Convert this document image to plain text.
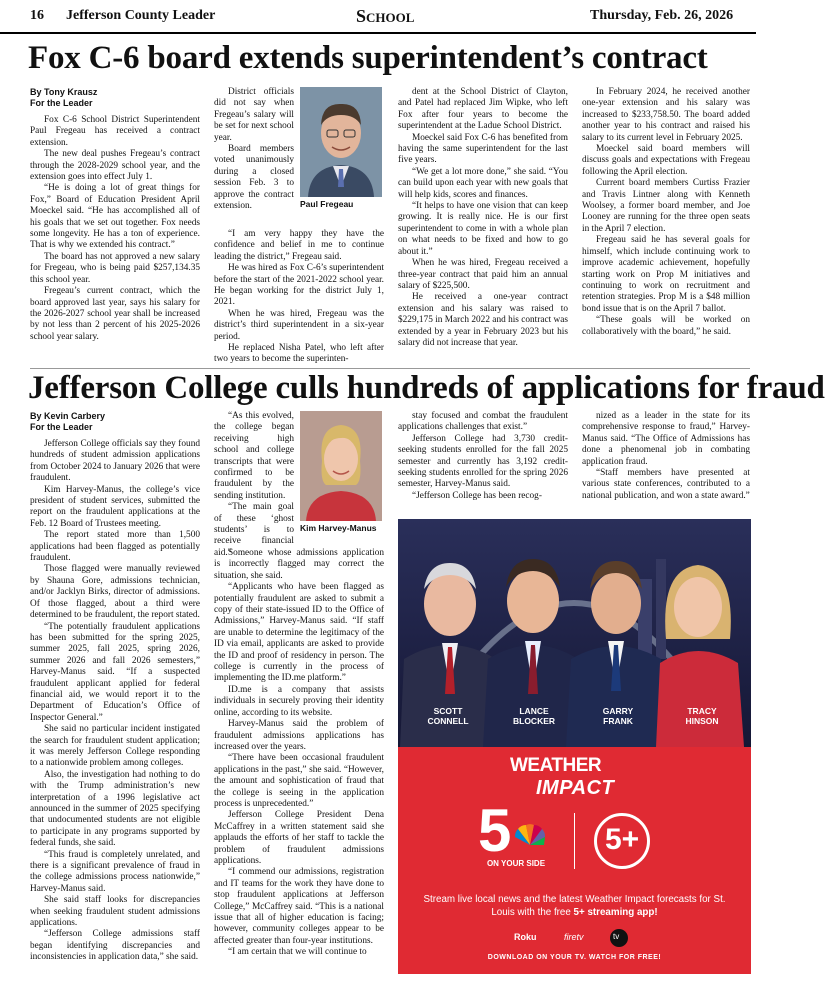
16 Jefferson County Leader	School	Thursday, Feb. 26, 2026
Fox C-6 board extends superintendent’s contract

By Tony Krausz

For the Leader

Fox C-6 School District Superintendent Paul Fregeau has received a contract extension.

The new deal pushes Fregeau’s contract through the 2028-2029 school year, and the extension goes into effect July 1.

“He is doing a lot of great things for Fox,” Board of Education President April Moeckel said. “He has accomplished all of his goals that we set out together. Fox needs some longevity. He has a ton of experience. That is why we extended his contract.”

The board has not approved a new salary for Fregeau, who is being paid $257,134.35 this school year.

Fregeau’s current contract, which the board approved last year, says his salary for the 2026-2027 school year shall be increased by not less than 2 percent of his 2025-2026 school year salary.

District officials did not say when Fregeau’s salary will be set for next school year.

Board members voted unanimously during a closed session Feb. 3 to approve the contract extension.	Paul Fregeau

“I am very happy they have the confidence and belief in me to continue leading the district,” Fregeau said.

He was hired as Fox C-6’s superintendent before the start of the 2021-2022 school year. He began working for the district July 1, 2021.

When he was hired, Fregeau was the district’s third superintendent in a six-year period.

He replaced Nisha Patel, who left after two years to become the superinten-

dent at the School District of Clayton, and Patel had replaced Jim Wipke, who left Fox after four years to become the superintendent at the Ladue School District.

Moeckel said Fox C-6 has benefited from having the same superintendent for the last five years.

“We get a lot more done,” she said. “You can build upon each year with new goals that will help kids, scores and finances.

“It helps to have one vision that can keep growing. It is really nice. He is our first superintendent to come in with a whole plan on what needs to be fixed and how to go about it.”

When he was hired, Fregeau received a three-year contract that paid him an annual salary of $225,500.

He received a one-year contract extension and his salary was raised to $229,175 in March 2022 and his contract was extended by a year in February 2023 but his salary did not increase that year.

In February 2024, he received another one-year extension and his salary was increased to $233,758.50. The board added another year to his contract and raised his salary to its current level in February 2025.

Moeckel said board members will discuss goals and expectations with Fregeau following the April election.

Current board members Curtiss Frazier and Travis Lintner along with Kenneth Woolsey, a former board member, and Joe Looney are running for the three open seats in the April 7 election.

Fregeau said he has several goals for himself, which include continuing work to improve academic achievement, hopefully starting work on Prop M initiatives and continuing to work on recruitment and retention strategies. Prop M is a $48 million bond issue that is on the April 7 ballot.

“These goals will be worked on collaboratively with the board,” he said.

Jefferson College culls hundreds of applications for fraud

By Kevin Carbery

For the Leader

Jefferson College officials say they found hundreds of student admission applications from October 2024 to January 2026 that were fraudulent.

Kim Harvey-Manus, the college’s vice president of student services, submitted the report on the fraudulent applications at the Feb. 12 Board of Trustees meeting.

The report stated more than 1,500 applications had been flagged as potentially fraudulent.

Those flagged were manually reviewed by Shauna Gore, admissions technician, and/or Jacklyn Birks, director of admissions. Of those flagged, about a third were determined to be fraudulent, the report stated.

“The potentially fraudulent applications has been submitted for the spring 2025, summer 2025, fall 2025, spring 2026, summer 2026 and fall 2026 semesters,” Harvey-Manus said. “If a suspected fraudulent applicant applied for federal financial aid, we would report it to the Department of Education’s Office of Inspector General.”

She said no particular incident instigated the search for fraudulent student application; it was merely Jefferson College responding to a nationwide problem among colleges.

Also, the investigation had nothing to do with the Trump administration’s new interpretation of a 1996 legislative act announced in the summer of 2025 specifying that undocumented students are not eligible to participate in any programs supported by federal funds, she said.

“This fraud is completely unrelated, and there is a significant prevalence of fraud in the college admissions process nationwide,” Harvey-Manus said.

She said staff looks for discrepancies when seeking fraudulent student admissions applications.

“Jefferson College admissions staff began identifying discrepancies and inconsistencies in application data,” she said.

“As this evolved, the college began receiving high school and college transcripts that were confirmed to be fraudulent by the sending institution.

“The main goal of these ‘ghost students’ is to receive financial aid.”

Kim Harvey-Manus

Someone whose admissions application is incorrectly flagged may correct the situation, she said.

“Applicants who have been flagged as potentially fraudulent are asked to submit a copy of their state-issued ID to the Office of Admissions,” Harvey-Manus said. “If staff are unable to determine the legitimacy of the ID via email, applicants are asked to provide the ID and proof of residency in person. The college is currently in the process of implementing the ID.me platform.”

ID.me is a company that assists individuals in securely proving their identity online, according to its website.

Harvey-Manus said the problem of fraudulent admissions applications has increased over the years.

“There have been occasional fraudulent applications in the past,” she said. “However, the amount and sophistication of fraud that the college is seeing in the application process is unprecedented.”

Jefferson College President Dena McCaffrey in a written statement said she applauds the efforts of her staff to tackle the problem of fraudulent admissions applications.

“I commend our admissions, registration and IT teams for the work they have done to stop fraudulent applications at Jefferson College,” McCaffrey said. “This is a national issue that all of higher education is facing; however, community colleges appear to be affected greater than four-year institutions.

“I am certain that we will continue to

stay focused and combat the fraudulent applications challenges that exist.”

Jefferson College had 3,730 credit-seeking students enrolled for the fall 2025 semester and currently has 3,192 credit-seeking students enrolled for the spring 2026 semester, Harvey-Manus said.

“Jefferson College has been recog-

nized as a leader in the state for its comprehensive response to fraud,” Harvey-Manus said. “The Office of Admissions has done a phenomenal job in combating application fraud.

“Staff members have presented at various state conferences, contributed to a national publication, and won a state award.”

SCOTT
CONNELL
LANCE
BLOCKER
GARRY
FRANK
TRACY
HINSON
WEATHER
IMPACT
5
ON YOUR SIDE
5+
Stream live local news and the latest Weather Impact forecasts for St. Louis with the free 5+ streaming app!
Roku	firetv	tv
DOWNLOAD ON YOUR TV. WATCH FOR FREE!
